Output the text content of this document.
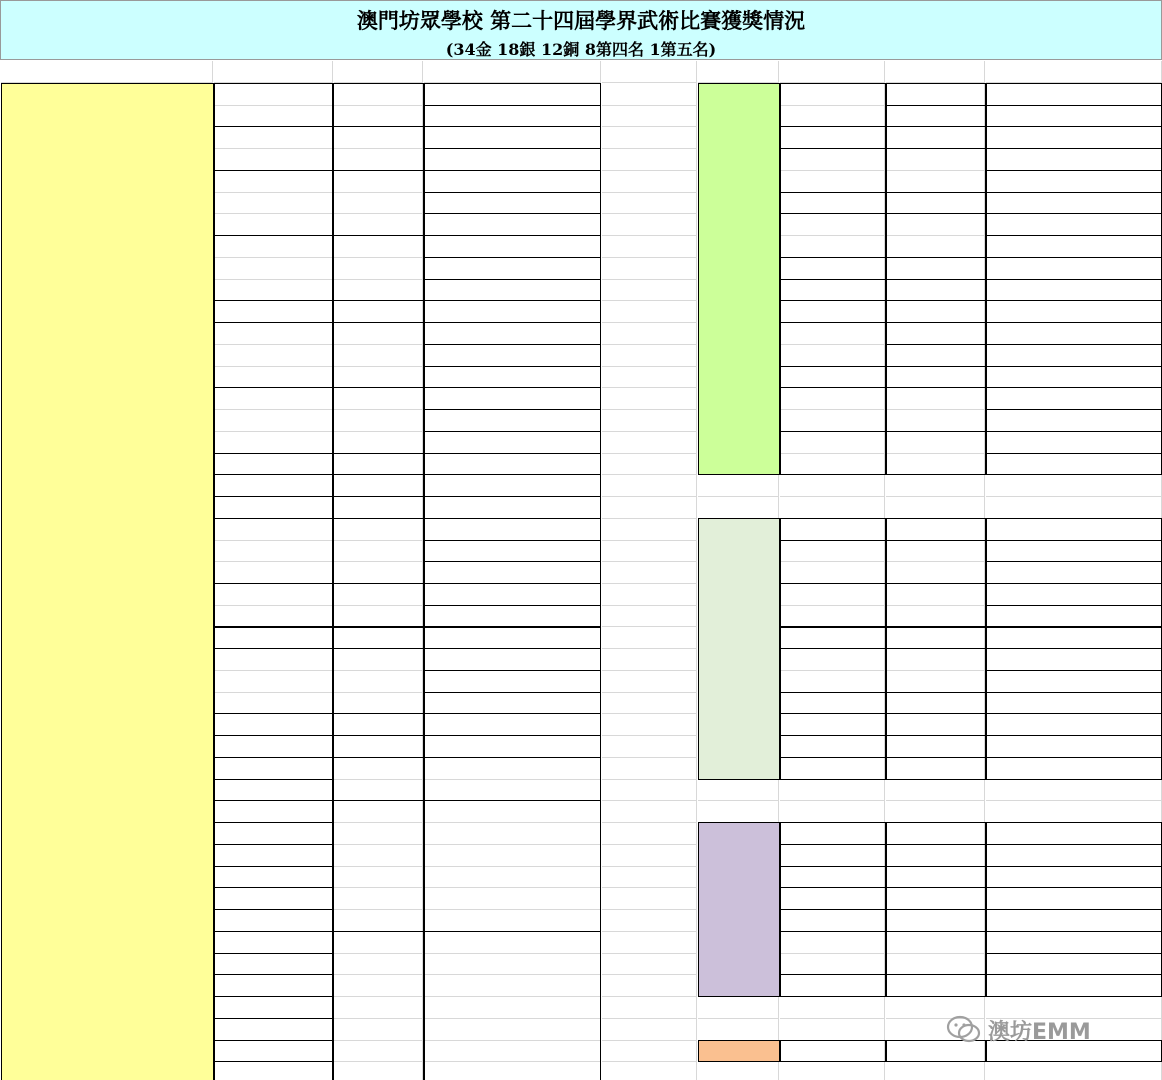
澳門坊眾學校 第二十四屆學界武術比賽獲獎情況
(34金 18銀 12銅 8第四名 1第五名)
澳坊EMM
